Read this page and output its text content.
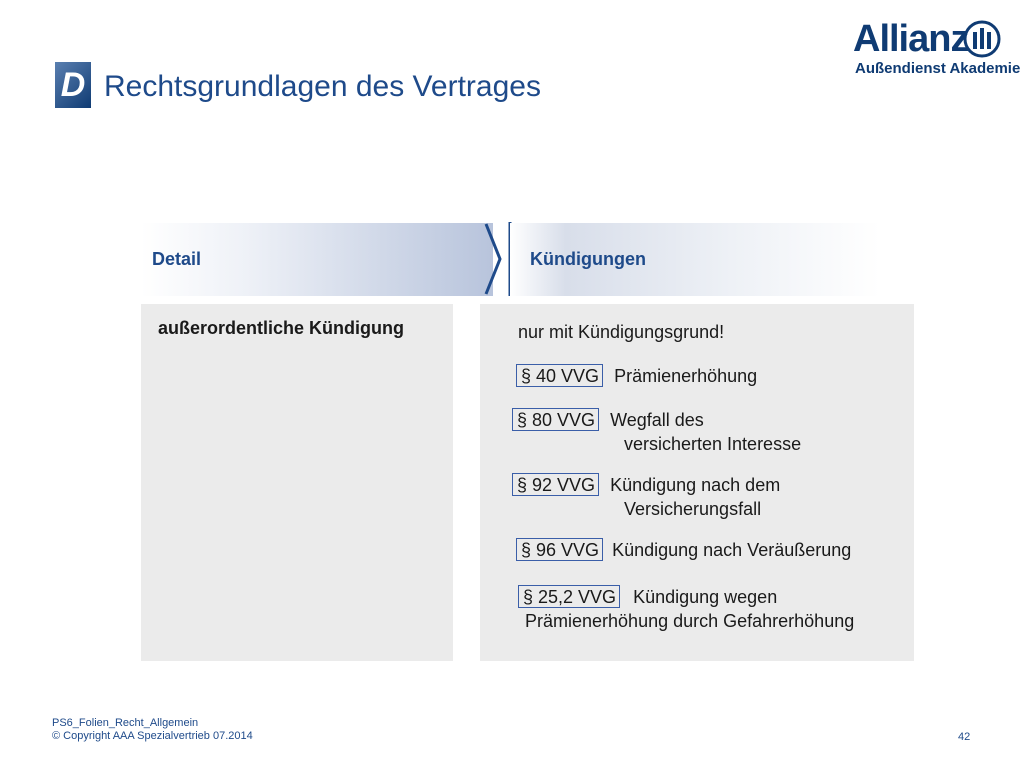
D Rechtsgrundlagen des Vertrages
Allianz
Außendienst Akademie
Detail	Kündigungen
außerordentliche Kündigung	nur mit Kündigungsgrund!
§ 40 VVG Prämienerhöhung
§ 80 VVG Wegfall des
versicherten Interesse
§ 92 VVG Kündigung nach dem
Versicherungsfall
§ 96 VVG Kündigung nach Veräußerung
§ 25,2 VVG Kündigung wegen
Prämienerhöhung durch Gefahrerhöhung
PS6_Folien_Recht_Allgemein
© Copyright AAA Spezialvertrieb 07.2014	42
